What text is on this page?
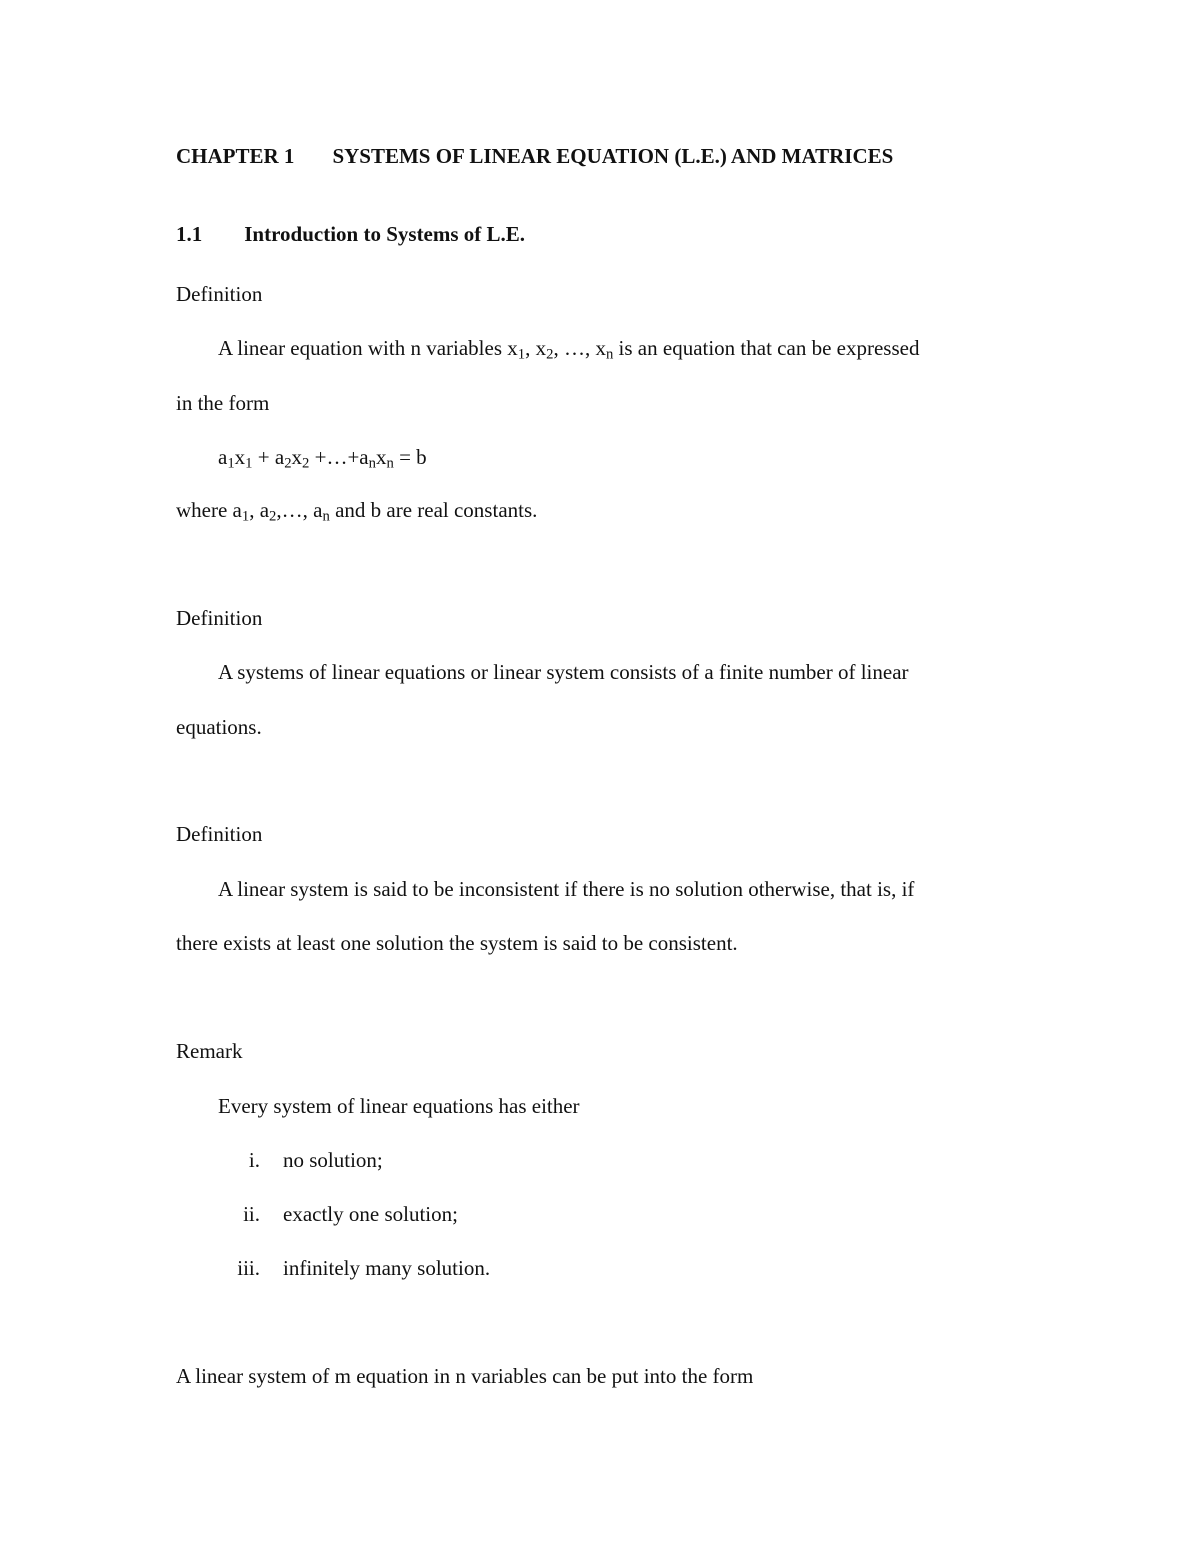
CHAPTER 1 SYSTEMS OF LINEAR EQUATION (L.E.) AND MATRICES
1.1 Introduction to Systems of L.E.
Definition
A linear equation with n variables $x_1$, $x_2$, …, $x_n$ is an equation that can be expressed
in the form
$a_1x_1 + a_2x_2$ $+\dots+a_nx_n = b$
where $a_1$, $a_2,\dots$, $a_n$ and b are real constants.
Definition
A systems of linear equations or linear system consists of a finite number of linear
equations.
Definition
A linear system is said to be inconsistent if there is no solution otherwise, that is, if
there exists at least one solution the system is said to be consistent.
Remark
Every system of linear equations has either
i. no solution;
ii. exactly one solution;
iii. infinitely many solution.
A linear system of m equation in n variables can be put into the form
